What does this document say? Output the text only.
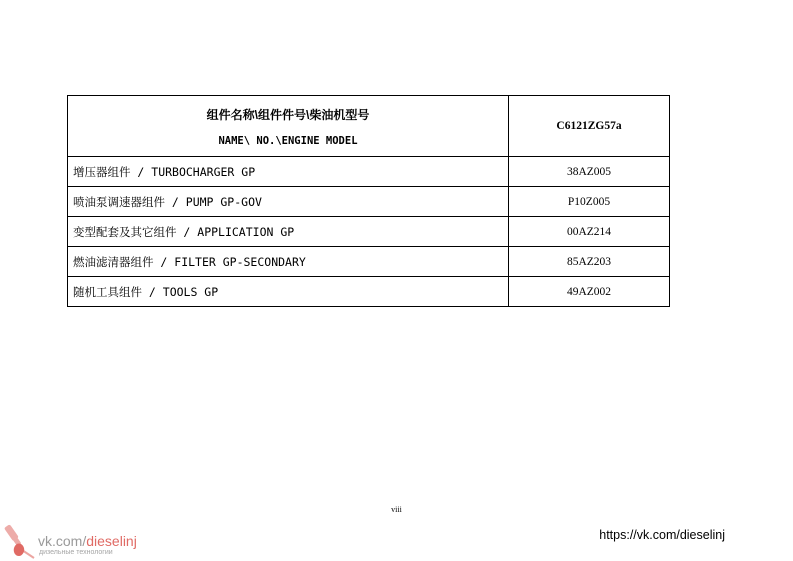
组件名称\组件件号\柴油机型号
NAME\ NO.\ENGINE MODEL	C6121ZG57a
增压器组件 / TURBOCHARGER GP	38AZ005
喷油泵调速器组件 / PUMP GP-GOV	P10Z005
变型配套及其它组件 / APPLICATION GP	00AZ214
燃油滤清器组件 / FILTER GP-SECONDARY	85AZ203
随机工具组件 / TOOLS GP	49AZ002
viii
vk.com/dieselinj
дизельные технологии
https://vk.com/dieselinj
